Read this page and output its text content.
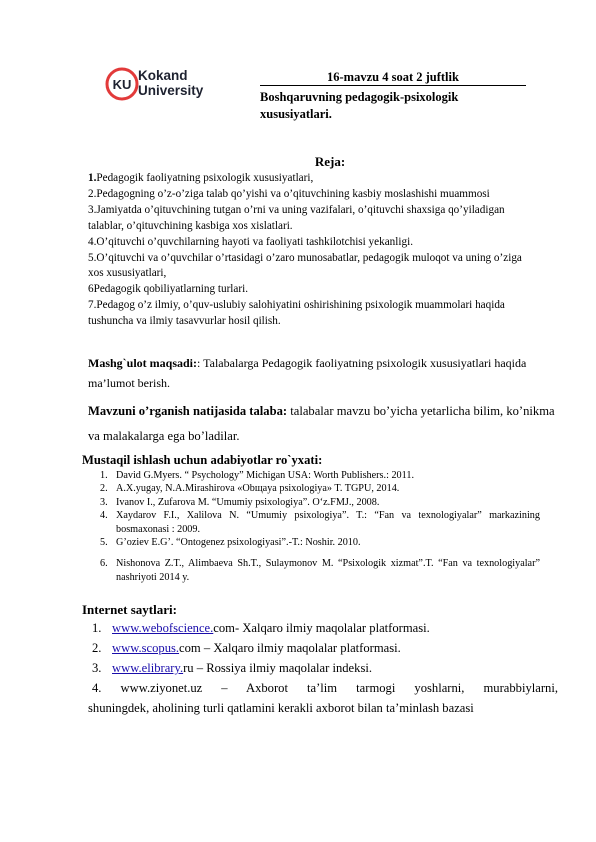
KU
Kokand
University
16-mavzu 4 soat 2 juftlik
Boshqaruvning pedagogik-psixologik xususiyatlari.
Reja:
1.Pedagogik faoliyatning psixologik xususiyatlari,
2.Pedagogning o’z-o’ziga talab qo’yishi va o’qituvchining kasbiy moslashishi muammosi
3.Jamiyatda o’qituvchining tutgan o’rni va uning vazifalari, o’qituvchi shaxsiga qo’yiladigan talablar, o’qituvchining kasbiga xos xislatlari.
4.O’qituvchi o’quvchilarning hayoti va faoliyati tashkilotchisi yekanligi.
5.O’qituvchi va o’quvchilar o’rtasidagi o’zaro munosabatlar, pedagogik muloqot va uning o’ziga xos xususiyatlari,
6Pedagogik qobiliyatlarning turlari.
7.Pedagog o’z ilmiy, o’quv-uslubiy salohiyatini oshirishining psixologik muammolari haqida tushuncha va ilmiy tasavvurlar hosil qilish.
Mashg`ulot maqsadi:: Talabalarga Pedagogik faoliyatning psixologik xususiyatlari haqida ma’lumot berish.
Mavzuni o’rganish natijasida talaba: talabalar mavzu bo’yicha yetarlicha bilim, ko’nikma va malakalarga ega bo’ladilar.
Mustaqil ishlash uchun adabiyotlar ro`yxati:
1. David G.Myers. “ Psychology” Michigan USA: Worth Publishers.: 2011.
2. A.X.yugay, N.A.Mirashirova «Obщaya psixologiya» T. TGPU, 2014.
3. Ivanov I., Zufarova M. “Umumiy psixologiya”. O‘z.FMJ., 2008.
4. Xaydarov F.I., Xalilova N. “Umumiy psixologiya”. T.: “Fan va texnologiyalar” markazining bosmaxonasi : 2009.
5. G’oziev E.G’. “Ontogenez psixologiyasi”.-T.: Noshir. 2010.
6. Nishonova Z.T., Alimbaeva Sh.T., Sulaymonov M. “Psixologik xizmat”.T. “Fan va texnologiyalar” nashriyoti 2014 y.
Internet saytlari:
1. www.webofscience.com- Xalqaro ilmiy maqolalar platformasi.
2. www.scopus.com – Xalqaro ilmiy maqolalar platformasi.
3. www.elibrary.ru – Rossiya ilmiy maqolalar indeksi.
4. www.ziyonet.uz – Axborot ta’lim tarmogi yoshlarni, murabbiylarni,
shuningdek, aholining turli qatlamini kerakli axborot bilan ta’minlash bazasi
